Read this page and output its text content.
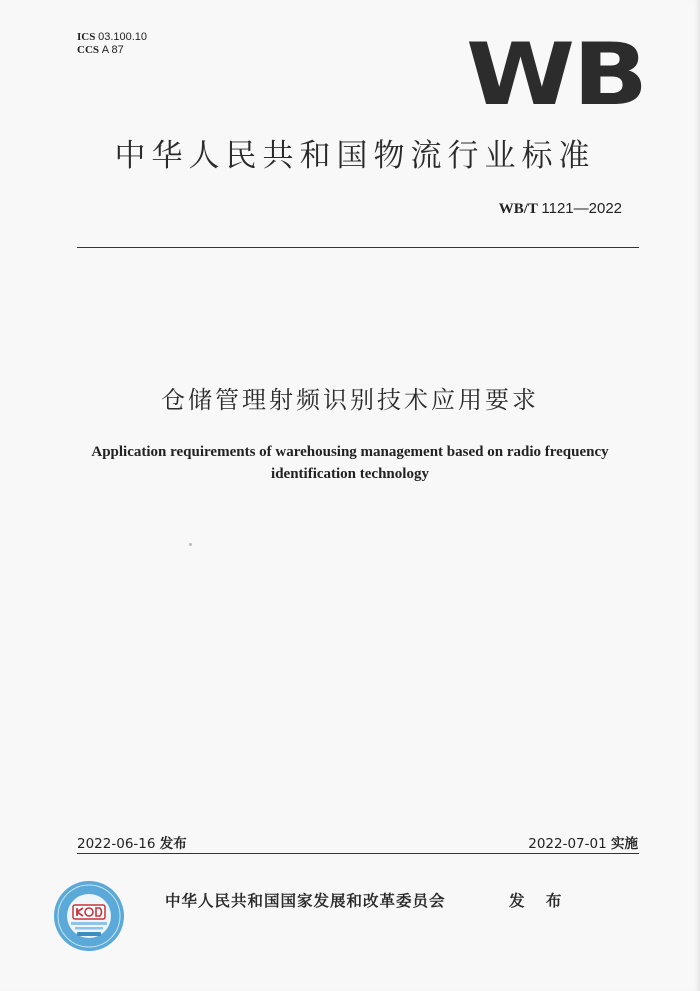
ICS 03.100.10
CCS A 87	WB
中华人民共和国物流行业标准
WB/T 1121—2022
仓储管理射频识别技术应用要求
Application requirements of warehousing management based on radio frequency identification technology
2022-06-16 发布	2022-07-01 实施
中华人民共和国国家发展和改革委员会	发 布
